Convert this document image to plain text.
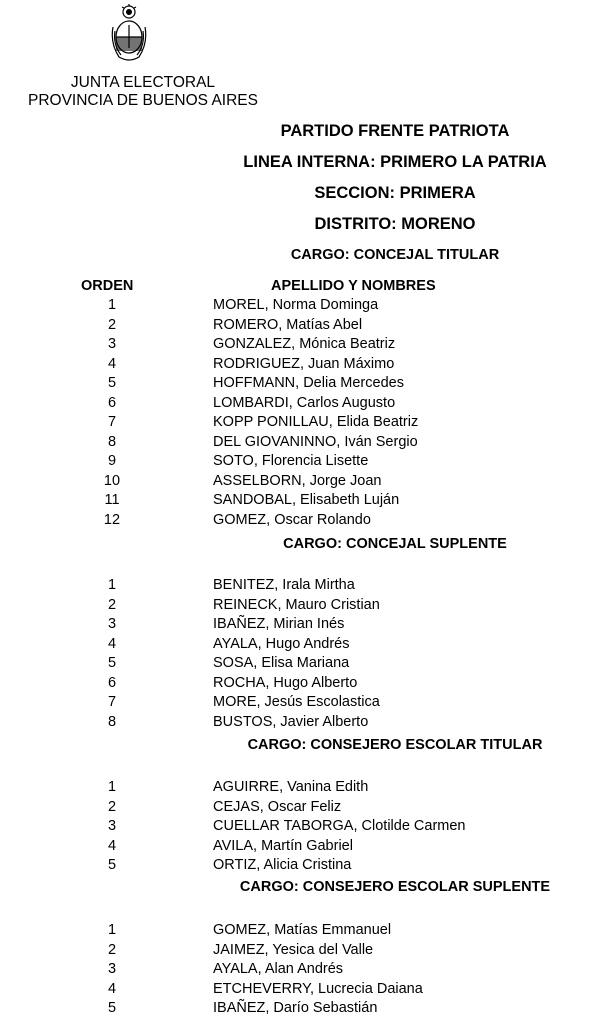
JUNTA ELECTORAL
PROVINCIA DE BUENOS AIRES
PARTIDO FRENTE PATRIOTA
LINEA INTERNA: PRIMERO LA PATRIA
SECCION: PRIMERA
DISTRITO: MORENO
CARGO: CONCEJAL TITULAR
ORDEN	APELLIDO Y NOMBRES
1	MOREL, Norma Dominga
2	ROMERO, Matías Abel
3	GONZALEZ, Mónica Beatriz
4	RODRIGUEZ, Juan Máximo
5	HOFFMANN, Delia Mercedes
6	LOMBARDI, Carlos Augusto
7	KOPP PONILLAU, Elida Beatriz
8	DEL GIOVANINNO, Iván Sergio
9	SOTO, Florencia Lisette
10	ASSELBORN, Jorge Joan
11	SANDOBAL, Elisabeth Luján
12	GOMEZ, Oscar Rolando
CARGO: CONCEJAL SUPLENTE
1	BENITEZ, Irala Mirtha
2	REINECK, Mauro Cristian
3	IBAÑEZ, Mirian Inés
4	AYALA, Hugo Andrés
5	SOSA, Elisa Mariana
6	ROCHA, Hugo Alberto
7	MORE, Jesús Escolastica
8	BUSTOS, Javier Alberto
CARGO: CONSEJERO ESCOLAR TITULAR
1	AGUIRRE, Vanina Edith
2	CEJAS, Oscar Feliz
3	CUELLAR TABORGA, Clotilde Carmen
4	AVILA, Martín Gabriel
5	ORTIZ, Alicia Cristina
CARGO: CONSEJERO ESCOLAR SUPLENTE
1	GOMEZ, Matías Emmanuel
2	JAIMEZ, Yesica del Valle
3	AYALA, Alan Andrés
4	ETCHEVERRY, Lucrecia Daiana
5	IBAÑEZ, Darío Sebastián
